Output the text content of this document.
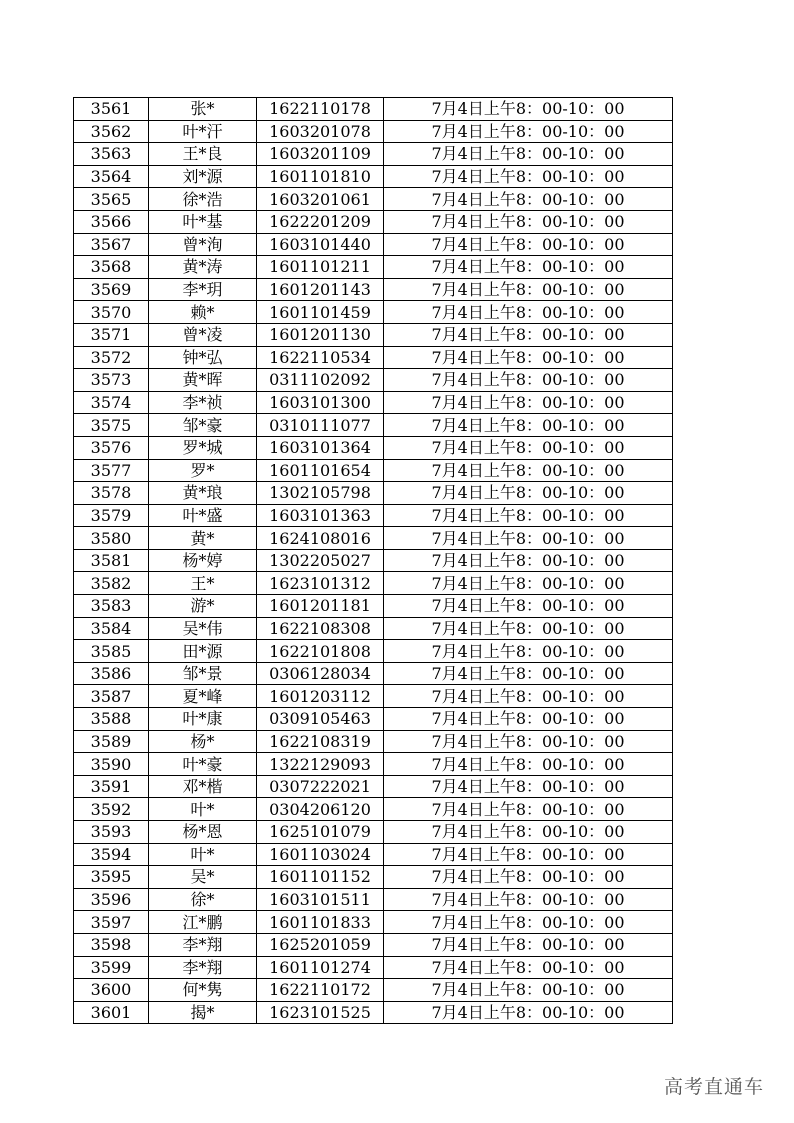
3561	张*	1622110178	7月4日上午8：00-10：00
3562	叶*汗	1603201078	7月4日上午8：00-10：00
3563	王*良	1603201109	7月4日上午8：00-10：00
3564	刘*源	1601101810	7月4日上午8：00-10：00
3565	徐*浩	1603201061	7月4日上午8：00-10：00
3566	叶*基	1622201209	7月4日上午8：00-10：00
3567	曾*洵	1603101440	7月4日上午8：00-10：00
3568	黄*涛	1601101211	7月4日上午8：00-10：00
3569	李*玥	1601201143	7月4日上午8：00-10：00
3570	赖*	1601101459	7月4日上午8：00-10：00
3571	曾*凌	1601201130	7月4日上午8：00-10：00
3572	钟*弘	1622110534	7月4日上午8：00-10：00
3573	黄*晖	0311102092	7月4日上午8：00-10：00
3574	李*祯	1603101300	7月4日上午8：00-10：00
3575	邹*豪	0310111077	7月4日上午8：00-10：00
3576	罗*城	1603101364	7月4日上午8：00-10：00
3577	罗*	1601101654	7月4日上午8：00-10：00
3578	黄*琅	1302105798	7月4日上午8：00-10：00
3579	叶*盛	1603101363	7月4日上午8：00-10：00
3580	黄*	1624108016	7月4日上午8：00-10：00
3581	杨*婷	1302205027	7月4日上午8：00-10：00
3582	王*	1623101312	7月4日上午8：00-10：00
3583	游*	1601201181	7月4日上午8：00-10：00
3584	吴*伟	1622108308	7月4日上午8：00-10：00
3585	田*源	1622101808	7月4日上午8：00-10：00
3586	邹*景	0306128034	7月4日上午8：00-10：00
3587	夏*峰	1601203112	7月4日上午8：00-10：00
3588	叶*康	0309105463	7月4日上午8：00-10：00
3589	杨*	1622108319	7月4日上午8：00-10：00
3590	叶*豪	1322129093	7月4日上午8：00-10：00
3591	邓*楷	0307222021	7月4日上午8：00-10：00
3592	叶*	0304206120	7月4日上午8：00-10：00
3593	杨*恩	1625101079	7月4日上午8：00-10：00
3594	叶*	1601103024	7月4日上午8：00-10：00
3595	吴*	1601101152	7月4日上午8：00-10：00
3596	徐*	1603101511	7月4日上午8：00-10：00
3597	江*鹏	1601101833	7月4日上午8：00-10：00
3598	李*翔	1625201059	7月4日上午8：00-10：00
3599	李*翔	1601101274	7月4日上午8：00-10：00
3600	何*隽	1622110172	7月4日上午8：00-10：00
3601	揭*	1623101525	7月4日上午8：00-10：00
高考直通车
